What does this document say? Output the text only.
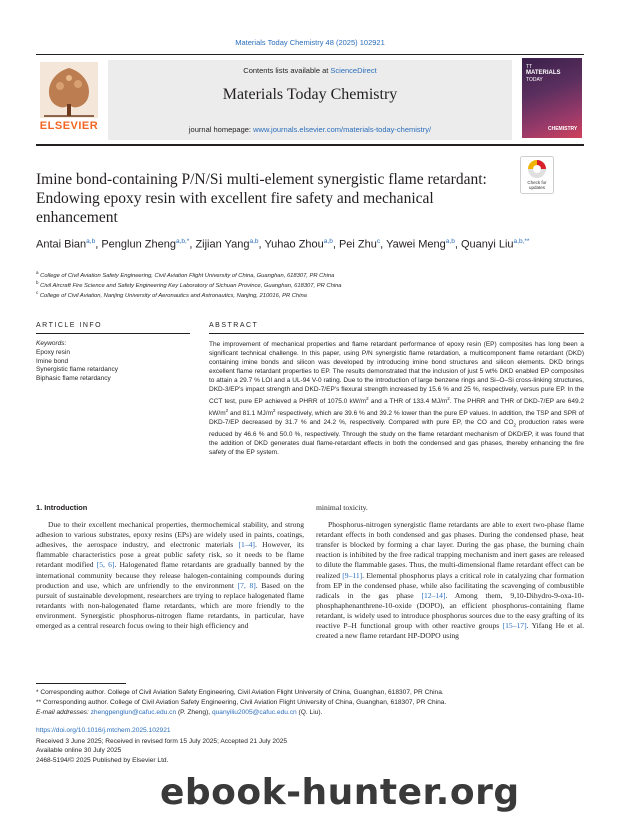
Materials Today Chemistry 48 (2025) 102921
Contents lists available at ScienceDirect
Materials Today Chemistry
journal homepage: www.journals.elsevier.com/materials-today-chemistry/
ELSEVIER
TT
MATERIALS
TODAY
CHEMISTRY
Imine bond-containing P/N/Si multi-element synergistic flame retardant: Endowing epoxy resin with excellent fire safety and mechanical enhancement
Check for updates
Antai Bian$^{a,b}$, Penglun Zheng$^{a,b,*}$, Zijian Yang$^{a,b}$, Yuhao Zhou$^{a,b}$, Pei Zhu$^c$, Yawei Meng$^{a,b}$, Quanyi Liu$^{a,b,**}$
$^a$ College of Civil Aviation Safety Engineering, Civil Aviation Flight University of China, Guanghan, 618307, PR China
$^b$ Civil Aircraft Fire Science and Safety Engineering Key Laboratory of Sichuan Province, Guanghan, 618307, PR China
$^c$ College of Civil Aviation, Nanjing University of Aeronautics and Astronautics, Nanjing, 210016, PR China
ARTICLE INFO	ABSTRACT
Keywords:
Epoxy resin
Imine bond
Synergistic flame retardancy
Biphasic flame retardancy
The improvement of mechanical properties and flame retardant performance of epoxy resin (EP) composites has long been a significant technical challenge. In this paper, using P/N synergistic flame retardation, a multicomponent flame retardant (DKD) containing imine bonds and silicon was developed by introducing imine bond structures and silicon elements. DKD brings excellent flame retardant properties to EP. The results demonstrated that the inclusion of just 5 wt% DKD enabled EP composites to attain a 29.7 % LOI and a UL-94 V-0 rating. Due to the introduction of large benzene rings and Si–O–Si cross-linking structures, DKD-3/EP’s impact strength and DKD-7/EP’s flexural strength increased by 15.6 % and 25 %, respectively, versus pure EP. In the CCT test, pure EP achieved a PHRR of 1075.0 $kW/m^2$ and a THR of 133.4 $MJ/m^2$. The PHRR and THR of DKD-7/EP are 649.2 $kW/m^2$ and 81.1 $MJ/m^2$ respectively, which are 39.6 % and 39.2 % lower than the pure EP values. In addition, the TSP and SPR of DKD-7/EP decreased by 31.7 % and 24.2 %, respectively. Compared with pure EP, the CO and $CO_2$ production rates were reduced by 46.6 % and 50.0 %, respectively. Through the study on the flame retardant mechanism of DKD/EP, it was found that the addition of DKD generates dual flame-retardant effects in both the condensed and gas phases, thereby enhancing the fire safety of the EP system.
1. Introduction

Due to their excellent mechanical properties, thermochemical stability, and strong adhesion to various substrates, epoxy resins (EPs) are widely used in paints, coatings, adhesives, the aerospace industry, and electronic materials [1–4]. However, its flammable characteristics pose a great public safety risk, so it needs to be flame retardant modified [5, 6]. Halogenated flame retardants are gradually banned by the international community because they release halogen-containing compounds during production and use, which are unfriendly to the environment [7, 8]. Based on the pursuit of sustainable development, researchers are trying to replace halogenated flame retardants with non-halogenated flame retardants, which are more friendly to the environment. Synergistic phosphorus-nitrogen flame retardants, in particular, have emerged as a central research focus owing to their high efficiency and

minimal toxicity.

Phosphorus-nitrogen synergistic flame retardants are able to exert two-phase flame retardant effects in both condensed and gas phases. During the condensed phase, heat transfer is blocked by forming a char layer. During the gas phase, the burning chain reaction is inhibited by the free radical trapping mechanism and inert gases are released to dilute the flammable gases. Thus, the multi-dimensional flame retardant effect can be realized [9–11]. Elemental phosphorus plays a critical role in catalyzing char formation from EP in the condensed phase, while also facilitating the scavenging of combustible radicals in the gas phase [12–14]. Among them, 9,10-Dihydro-9-oxa-10-phosphaphenanthrene-10-oxide (DOPO), an efficient phosphorus-containing flame retardant, is widely used to introduce phosphorus sources due to the easy grafting of its reactive P–H functional group with other reactive groups [15–17]. Yifang He et al. created a new flame retardant HP-DOPO using

* Corresponding author. College of Civil Aviation Safety Engineering, Civil Aviation Flight University of China, Guanghan, 618307, PR China.
** Corresponding author. College of Civil Aviation Safety Engineering, Civil Aviation Flight University of China, Guanghan, 618307, PR China.
E-mail addresses: zhengpenglun@cafuc.edu.cn (P. Zheng), quanyiliu2005@cafuc.edu.cn (Q. Liu).
https://doi.org/10.1016/j.mtchem.2025.102921
Received 3 June 2025; Received in revised form 15 July 2025; Accepted 21 July 2025
Available online 30 July 2025
2468-5194/© 2025 Published by Elsevier Ltd.
ebook-hunter.org
